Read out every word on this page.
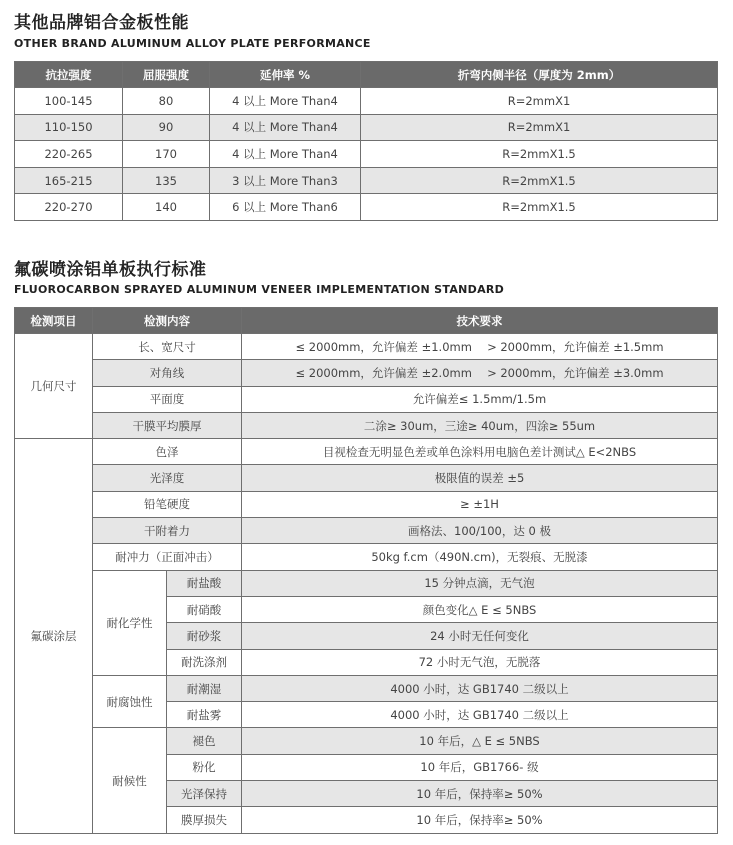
其他品牌铝合金板性能
OTHER BRAND ALUMINUM ALLOY PLATE PERFORMANCE
抗拉强度	屈服强度	延伸率 %	折弯内侧半径（厚度为 2mm）
100-145	80	4 以上 More Than4	R=2mmX1
110-150	90	4 以上 More Than4	R=2mmX1
220-265	170	4 以上 More Than4	R=2mmX1.5
165-215	135	3 以上 More Than3	R=2mmX1.5
220-270	140	6 以上 More Than6	R=2mmX1.5
氟碳喷涂铝单板执行标准
FLUOROCARBON SPRAYED ALUMINUM VENEER IMPLEMENTATION STANDARD
检测项目	检测内容		技术要求
几何尺寸	长、宽尺寸		≤ 2000mm，允许偏差 ±1.0mm　 > 2000mm，允许偏差 ±1.5mm
	对角线		≤ 2000mm，允许偏差 ±2.0mm　 > 2000mm，允许偏差 ±3.0mm
	平面度		允许偏差≤ 1.5mm/1.5m
	干膜平均膜厚		二涂≥ 30um，三途≥ 40um，四涂≥ 55um
氟碳涂层	色泽		目视检查无明显色差或单色涂料用电脑色差计测试△ E<2NBS
	光泽度		极限值的误差 ±5
	铅笔硬度		≥ ±1H
	干附着力		画格法、100/100，达 0 极
	耐冲力（正面冲击）		50kg f.cm（490N.cm)，无裂痕、无脱漆
	耐化学性	耐盐酸	15 分钟点滴，无气泡
		耐硝酸	颜色变化△ E ≤ 5NBS
		耐砂浆	24 小时无任何变化
		耐洗涤剂	72 小时无气泡，无脱落
	耐腐蚀性	耐潮湿	4000 小时，达 GB1740 二级以上
		耐盐雾	4000 小时，达 GB1740 二级以上
	耐候性	褪色	10 年后，△ E ≤ 5NBS
		粉化	10 年后，GB1766- 级
		光泽保持	10 年后，保持率≥ 50%
		膜厚损失	10 年后，保持率≥ 50%
